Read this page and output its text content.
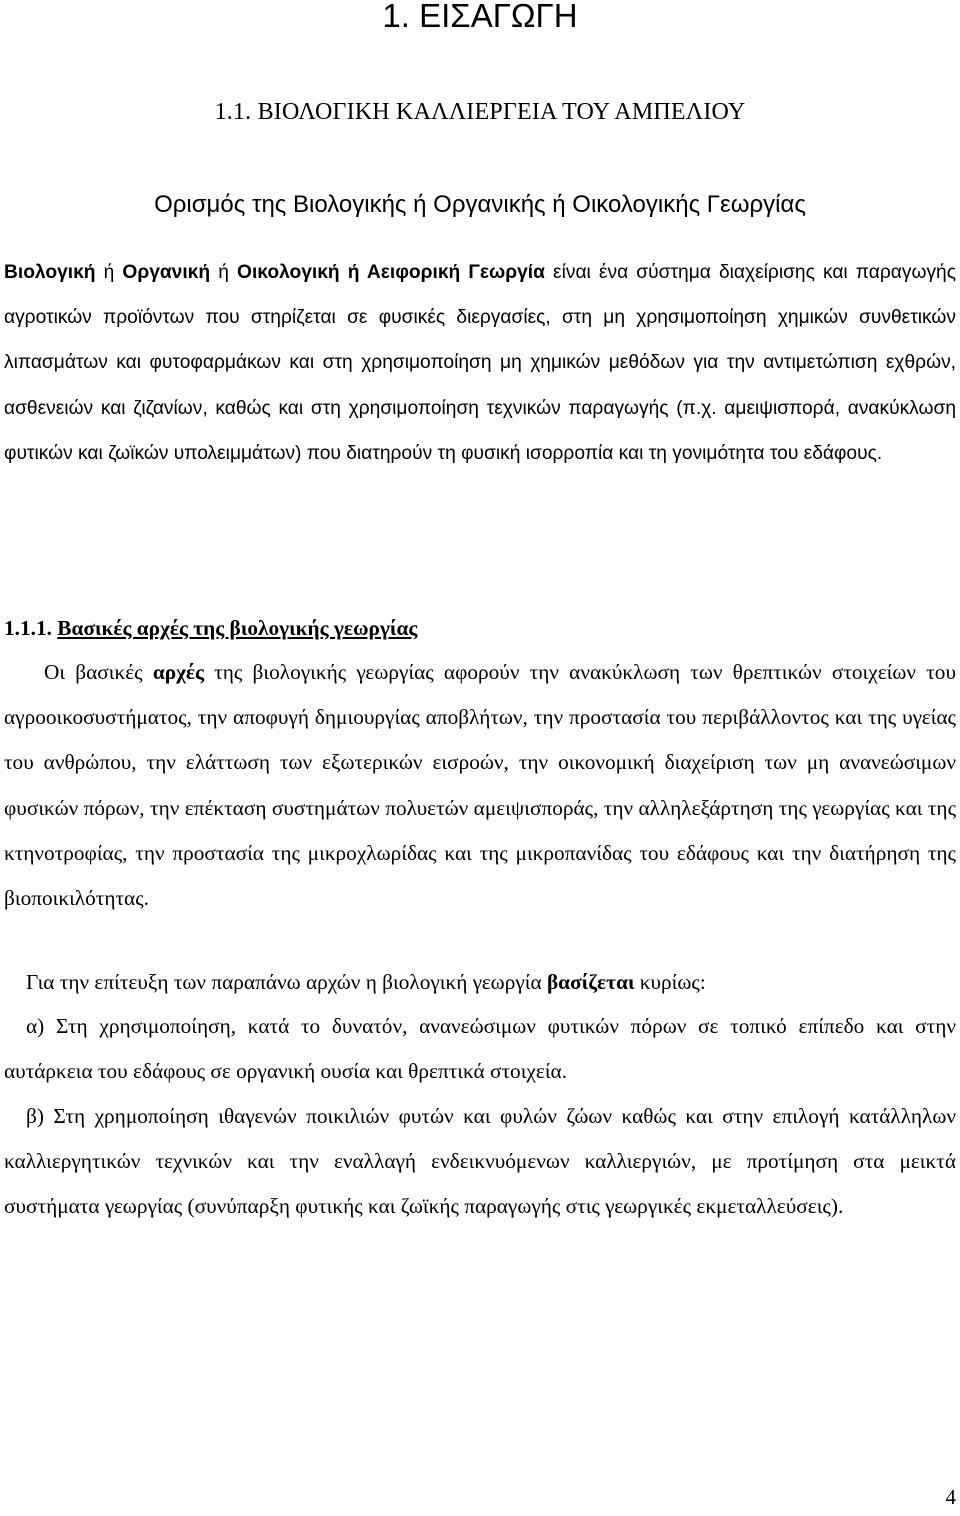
1. ΕΙΣΑΓΩΓΗ
1.1. ΒΙΟΛΟΓΙΚΗ ΚΑΛΛΙΕΡΓΕΙΑ ΤΟΥ ΑΜΠΕΛΙΟΥ
Ορισμός της Βιολογικής ή Οργανικής ή Οικολογικής Γεωργίας

Βιολογική ή Οργανική ή Οικολογική ή Αειφορική Γεωργία είναι ένα σύστημα διαχείρισης και παραγωγής αγροτικών προϊόντων που στηρίζεται σε φυσικές διεργασίες, στη μη χρησιμοποίηση χημικών συνθετικών λιπασμάτων και φυτοφαρμάκων και στη χρησιμοποίηση μη χημικών μεθόδων για την αντιμετώπιση εχθρών, ασθενειών και ζιζανίων, καθώς και στη χρησιμοποίηση τεχνικών παραγωγής (π.χ. αμειψισπορά, ανακύκλωση φυτικών και ζωϊκών υπολειμμάτων) που διατηρούν τη φυσική ισορροπία και τη γονιμότητα του εδάφους.

1.1.1. Βασικές αρχές της βιολογικής γεωργίας

Οι βασικές αρχές της βιολογικής γεωργίας αφορούν την ανακύκλωση των θρεπτικών στοιχείων του αγροοικοσυστήματος, την αποφυγή δημιουργίας αποβλήτων, την προστασία του περιβάλλοντος και της υγείας του ανθρώπου, την ελάττωση των εξωτερικών εισροών, την οικονομική διαχείριση των μη ανανεώσιμων φυσικών πόρων, την επέκταση συστημάτων πολυετών αμειψισποράς, την αλληλεξάρτηση της γεωργίας και της κτηνοτροφίας, την προστασία της μικροχλωρίδας και της μικροπανίδας του εδάφους και την διατήρηση της βιοποικιλότητας.

Για την επίτευξη των παραπάνω αρχών η βιολογική γεωργία βασίζεται κυρίως:

α) Στη χρησιμοποίηση, κατά το δυνατόν, ανανεώσιμων φυτικών πόρων σε τοπικό επίπεδο και στην αυτάρκεια του εδάφους σε οργανική ουσία και θρεπτικά στοιχεία.

β) Στη χρημοποίηση ιθαγενών ποικιλιών φυτών και φυλών ζώων καθώς και στην επιλογή κατάλληλων καλλιεργητικών τεχνικών και την εναλλαγή ενδεικνυόμενων καλλιεργιών, με προτίμηση στα μεικτά συστήματα γεωργίας (συνύπαρξη φυτικής και ζωϊκής παραγωγής στις γεωργικές εκμεταλλεύσεις).

4
